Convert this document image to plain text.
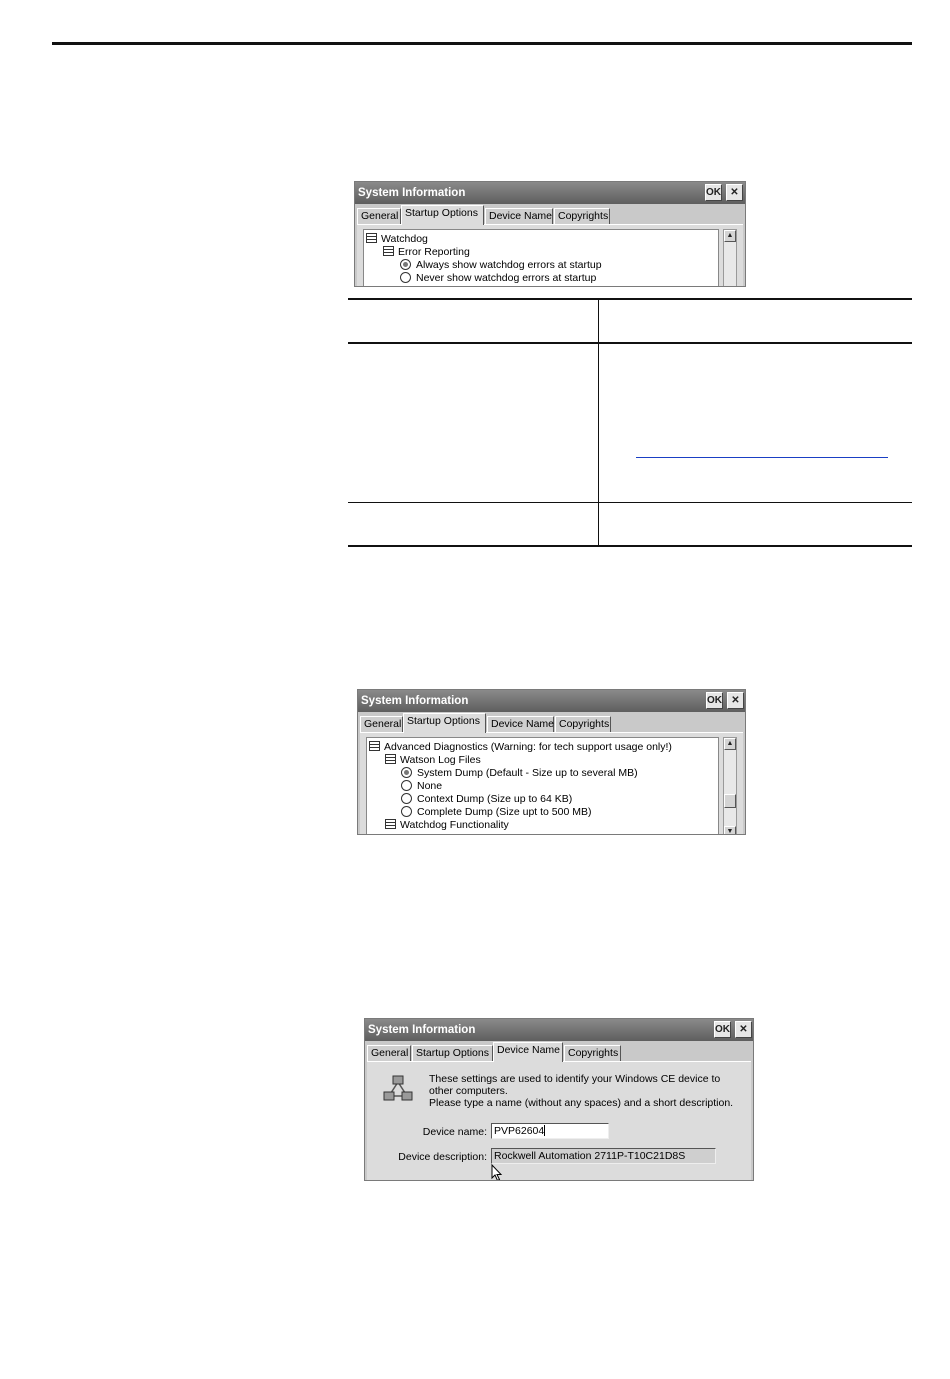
System Information	OK ✕
General Startup Options	Device Name Copyrights
Watchdog
Error Reporting
Always show watchdog errors at startup
Never show watchdog errors at startup
▲
System Information	OK ✕
General Startup Options	Device Name Copyrights
Advanced Diagnostics (Warning: for tech support usage only!)
Watson Log Files
System Dump (Default - Size up to several MB)
None
Context Dump (Size up to 64 KB)
Complete Dump (Size upt to 500 MB)
Watchdog Functionality
▲
▼
System Information	OK ✕
General Startup Options Device Name Copyrights
These settings are used to identify your Windows CE device to
other computers.
Please type a name (without any spaces) and a short description.
Device name: PVP62604
Device description: Rockwell Automation 2711P-T10C21D8S
